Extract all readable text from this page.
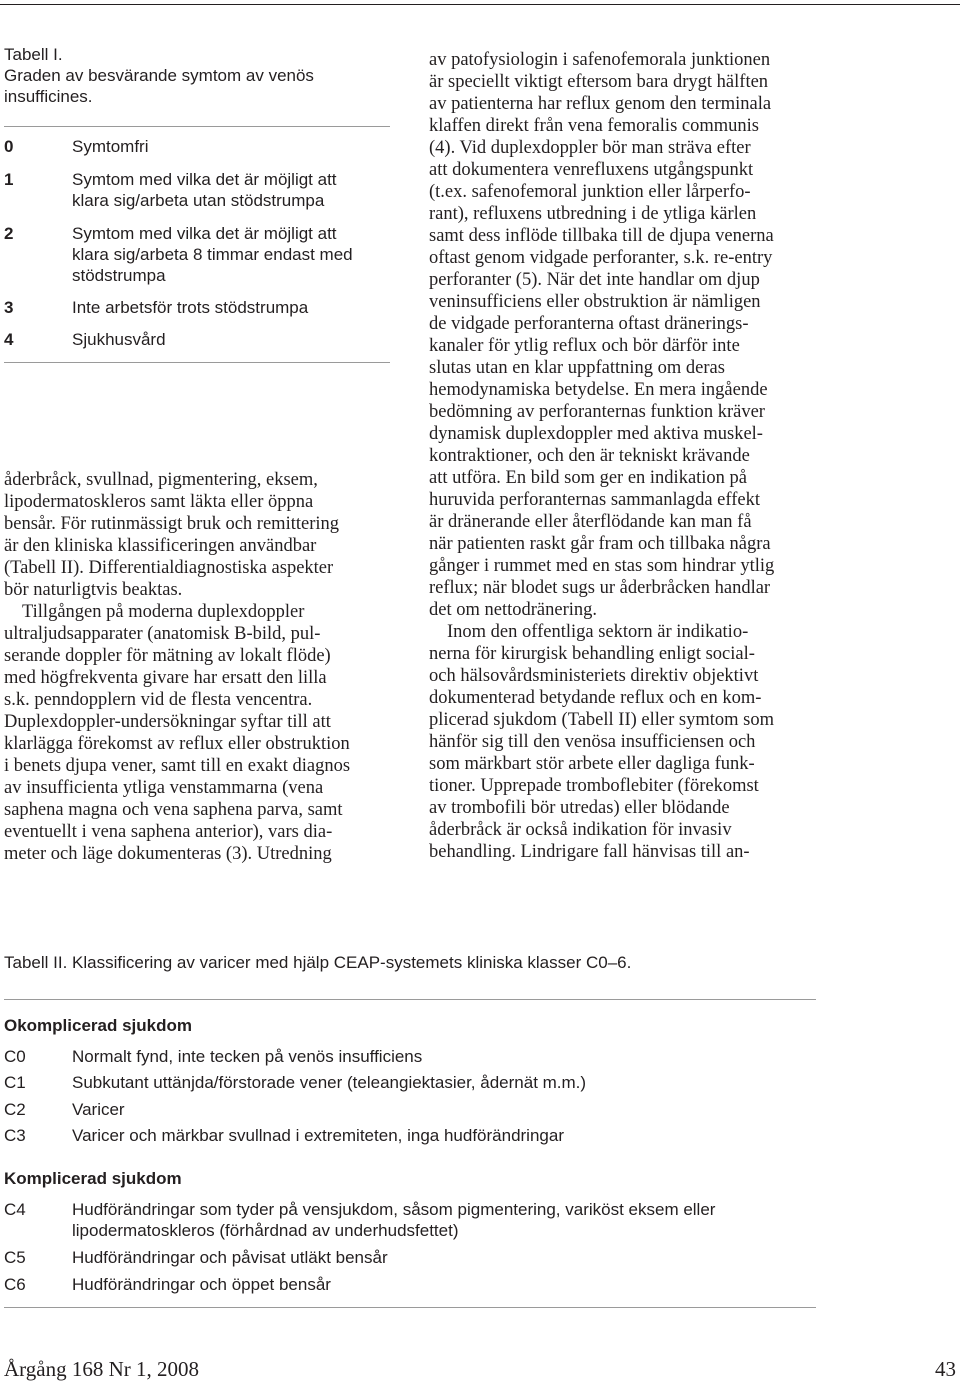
Tabell I.
Graden av besvärande symtom av venös
insufficines.
0	Symtomfri
1	Symtom med vilka det är möjligt att
klara sig/arbeta utan stödstrumpa
2	Symtom med vilka det är möjligt att
klara sig/arbeta 8 timmar endast med
stödstrumpa
3	Inte arbetsför trots stödstrumpa
4	Sjukhusvård
åderbråck, svullnad, pigmentering, eksem,
lipodermatoskleros samt läkta eller öppna
bensår. För rutinmässigt bruk och remittering
är den kliniska klassificeringen användbar
(Tabell II). Differentialdiagnostiska aspekter
bör naturligtvis beaktas.
Tillgången på moderna duplexdoppler
ultraljudsapparater (anatomisk B-bild, pul-
serande doppler för mätning av lokalt flöde)
med högfrekventa givare har ersatt den lilla
s.k. penndopplern vid de flesta vencentra.
Duplexdoppler-undersökningar syftar till att
klarlägga förekomst av reflux eller obstruktion
i benets djupa vener, samt till en exakt diagnos
av insufficienta ytliga venstammarna (vena
saphena magna och vena saphena parva, samt
eventuellt i vena saphena anterior), vars dia-
meter och läge dokumenteras (3). Utredning
av patofysiologin i safenofemorala junktionen
är speciellt viktigt eftersom bara drygt hälften
av patienterna har reflux genom den terminala
klaffen direkt från vena femoralis communis
(4). Vid duplexdoppler bör man sträva efter
att dokumentera venrefluxens utgångspunkt
(t.ex. safenofemoral junktion eller lårperfo-
rant), refluxens utbredning i de ytliga kärlen
samt dess inflöde tillbaka till de djupa venerna
oftast genom vidgade perforanter, s.k. re-entry
perforanter (5). När det inte handlar om djup
veninsufficiens eller obstruktion är nämligen
de vidgade perforanterna oftast dränerings-
kanaler för ytlig reflux och bör därför inte
slutas utan en klar uppfattning om deras
hemodynamiska betydelse. En mera ingående
bedömning av perforanternas funktion kräver
dynamisk duplexdoppler med aktiva muskel-
kontraktioner, och den är tekniskt krävande
att utföra. En bild som ger en indikation på
huruvida perforanternas sammanlagda effekt
är dränerande eller återflödande kan man få
när patienten raskt går fram och tillbaka några
gånger i rummet med en stas som hindrar ytlig
reflux; när blodet sugs ur åderbråcken handlar
det om nettodränering.
Inom den offentliga sektorn är indikatio-
nerna för kirurgisk behandling enligt social-
och hälsovårdsministeriets direktiv objektivt
dokumenterad betydande reflux och en kom-
plicerad sjukdom (Tabell II) eller symtom som
hänför sig till den venösa insufficiensen och
som märkbart stör arbete eller dagliga funk-
tioner. Upprepade tromboflebiter (förekomst
av trombofili bör utredas) eller blödande
åderbråck är också indikation för invasiv
behandling. Lindrigare fall hänvisas till an-
Tabell II. Klassificering av varicer med hjälp CEAP-systemets kliniska klasser C0–6.
Okomplicerad sjukdom
C0	Normalt fynd, inte tecken på venös insufficiens
C1	Subkutant uttänjda/förstorade vener (teleangiektasier, ådernät m.m.)
C2	Varicer
C3	Varicer och märkbar svullnad i extremiteten, inga hudförändringar
Komplicerad sjukdom
C4	Hudförändringar som tyder på vensjukdom, såsom pigmentering, variköst eksem eller
lipodermatoskleros (förhårdnad av underhudsfettet)
C5	Hudförändringar och påvisat utläkt bensår
C6	Hudförändringar och öppet bensår
Årgång 168 Nr 1, 2008	43
